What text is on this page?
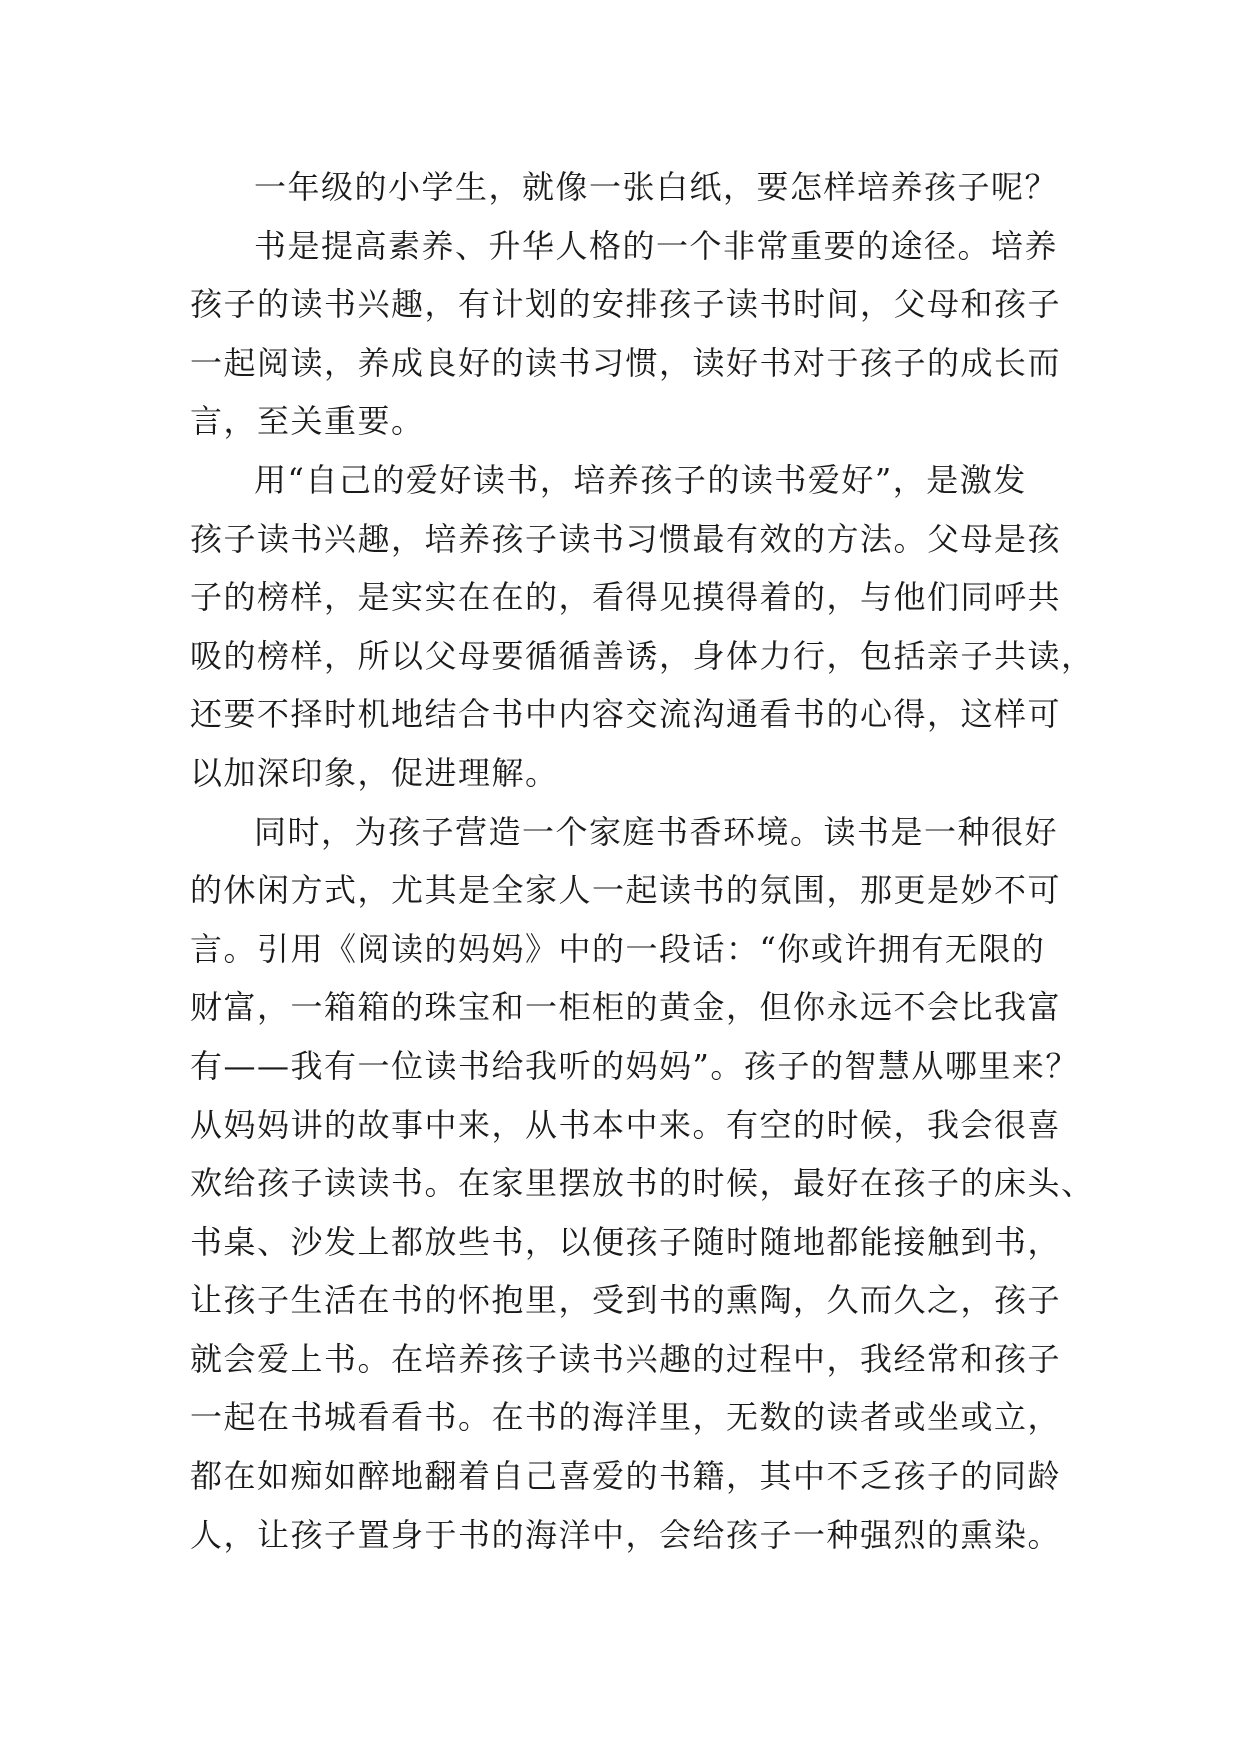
一年级的小学生，就像一张白纸，要怎样培养孩子呢？
书是提高素养、升华人格的一个非常重要的途径。培养
孩子的读书兴趣，有计划的安排孩子读书时间，父母和孩子
一起阅读，养成良好的读书习惯，读好书对于孩子的成长而
言，至关重要。
用“自己的爱好读书，培养孩子的读书爱好”，是激发
孩子读书兴趣，培养孩子读书习惯最有效的方法。父母是孩
子的榜样，是实实在在的，看得见摸得着的，与他们同呼共
吸的榜样，所以父母要循循善诱，身体力行，包括亲子共读，
还要不择时机地结合书中内容交流沟通看书的心得，这样可
以加深印象，促进理解。
同时，为孩子营造一个家庭书香环境。读书是一种很好
的休闲方式，尤其是全家人一起读书的氛围，那更是妙不可
言。引用《阅读的妈妈》中的一段话：“你或许拥有无限的
财富，一箱箱的珠宝和一柜柜的黄金，但你永远不会比我富
有——我有一位读书给我听的妈妈”。孩子的智慧从哪里来？
从妈妈讲的故事中来，从书本中来。有空的时候，我会很喜
欢给孩子读读书。在家里摆放书的时候，最好在孩子的床头、
书桌、沙发上都放些书，以便孩子随时随地都能接触到书，
让孩子生活在书的怀抱里，受到书的熏陶，久而久之，孩子
就会爱上书。在培养孩子读书兴趣的过程中，我经常和孩子
一起在书城看看书。在书的海洋里，无数的读者或坐或立，
都在如痴如醉地翻着自己喜爱的书籍，其中不乏孩子的同龄
人，让孩子置身于书的海洋中，会给孩子一种强烈的熏染。
